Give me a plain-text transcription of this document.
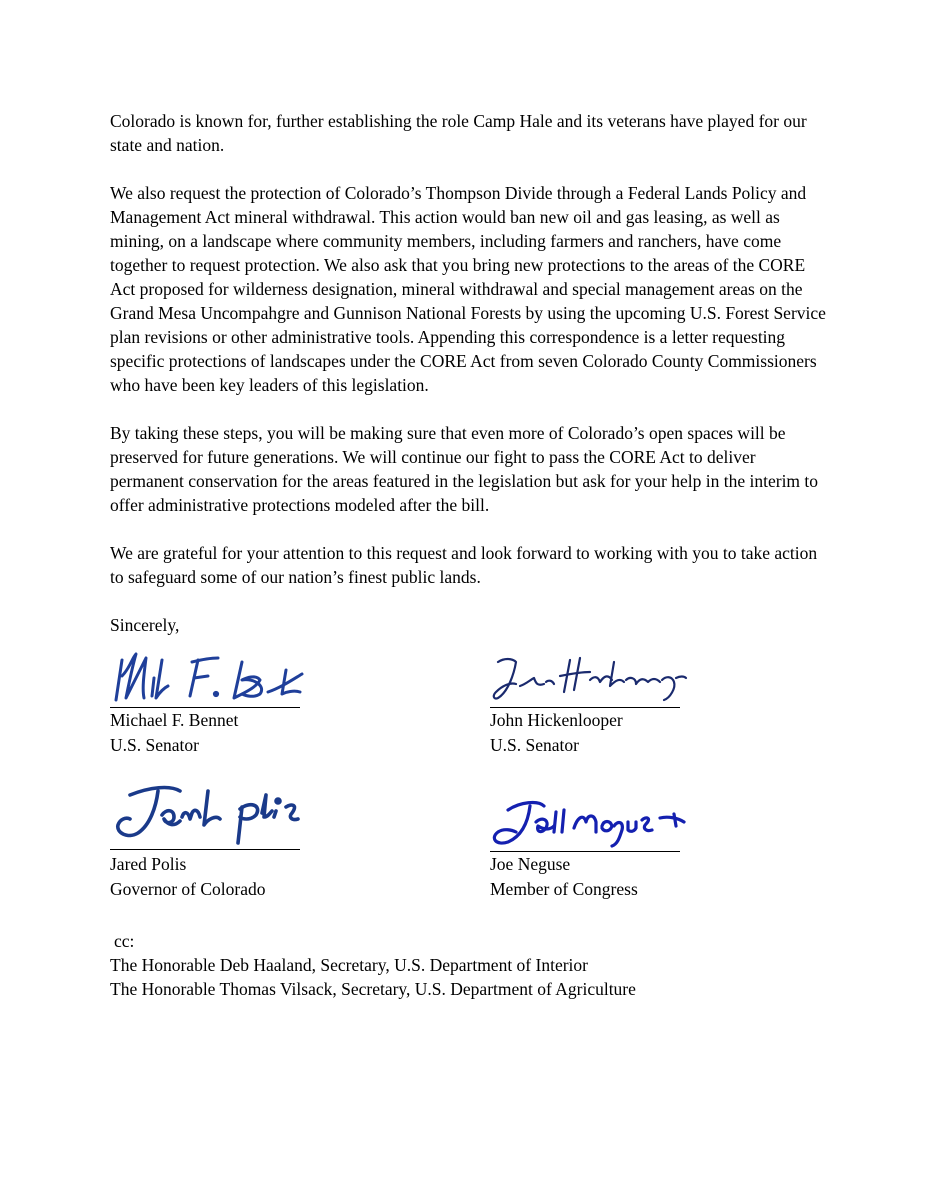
Colorado is known for, further establishing the role Camp Hale and its veterans have played for our state and nation.

We also request the protection of Colorado’s Thompson Divide through a Federal Lands Policy and Management Act mineral withdrawal. This action would ban new oil and gas leasing, as well as mining, on a landscape where community members, including farmers and ranchers, have come together to request protection. We also ask that you bring new protections to the areas of the CORE Act proposed for wilderness designation, mineral withdrawal and special management areas on the Grand Mesa Uncompahgre and Gunnison National Forests by using the upcoming U.S. Forest Service plan revisions or other administrative tools. Appending this correspondence is a letter requesting specific protections of landscapes under the CORE Act from seven Colorado County Commissioners who have been key leaders of this legislation.

By taking these steps, you will be making sure that even more of Colorado’s open spaces will be preserved for future generations. We will continue our fight to pass the CORE Act to deliver permanent conservation for the areas featured in the legislation but ask for your help in the interim to offer administrative protections modeled after the bill.

We are grateful for your attention to this request and look forward to working with you to take action to safeguard some of our nation’s finest public lands.

Sincerely,

Michael F. Bennet
U.S. Senator
John Hickenlooper
U.S. Senator
Jared Polis
Governor of Colorado
Joe Neguse
Member of Congress
cc:
The Honorable Deb Haaland, Secretary, U.S. Department of Interior
The Honorable Thomas Vilsack, Secretary, U.S. Department of Agriculture
